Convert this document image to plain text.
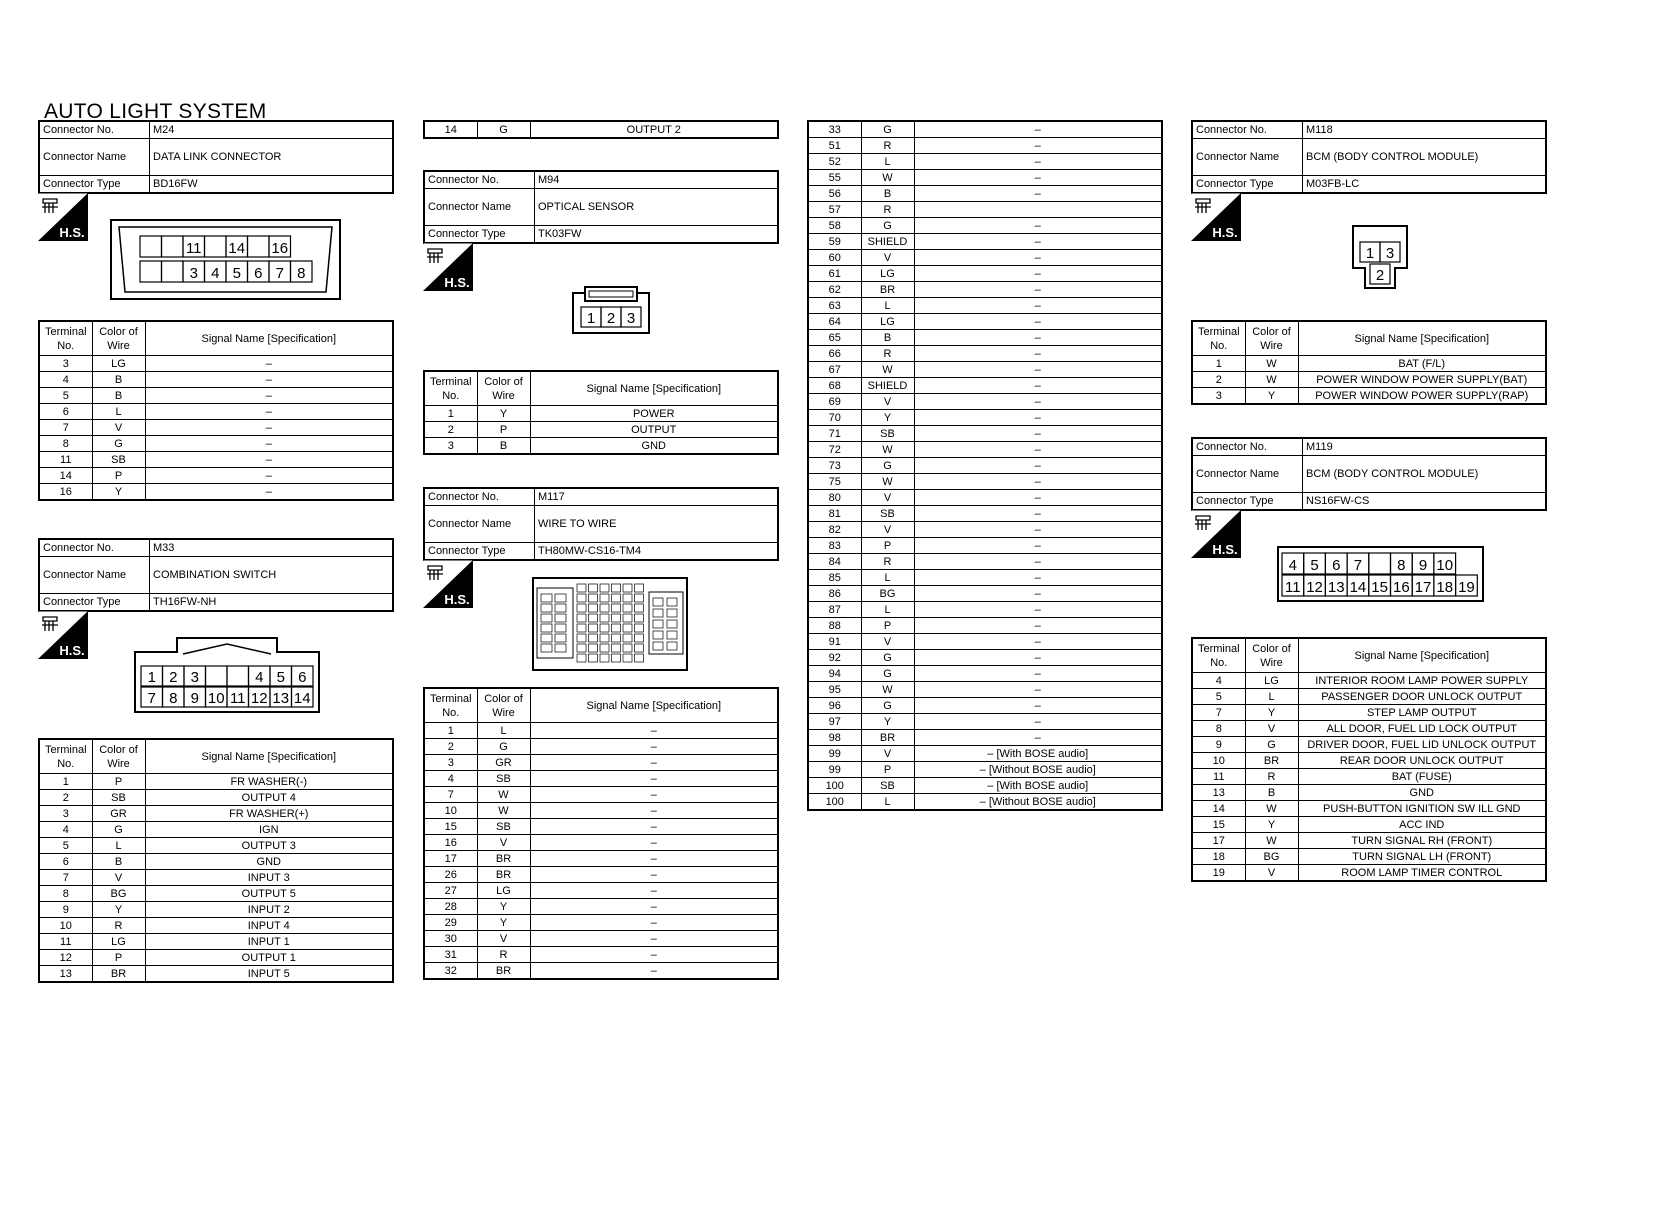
AUTO LIGHT SYSTEM
Connector No.	M24
Connector Name	DATA LINK CONNECTOR
Connector Type	BD16FW
H.S.
11 14 16
3 4 5 6 7 8
Terminal No.	Color of Wire	Signal Name [Specification]
3	LG	–
4	B	–
5	B	–
6	L	–
7	V	–
8	G	–
11	SB	–
14	P	–
16	Y	–
Connector No.	M33
Connector Name	COMBINATION SWITCH
Connector Type	TH16FW-NH
H.S.
1 2 3	4 5 6
7 8 9 10 11 12 13 14
Terminal No.	Color of Wire	Signal Name [Specification]
1	P	FR WASHER(-)
2	SB	OUTPUT 4
3	GR	FR WASHER(+)
4	G	IGN
5	L	OUTPUT 3
6	B	GND
7	V	INPUT 3
8	BG	OUTPUT 5
9	Y	INPUT 2
10	R	INPUT 4
11	LG	INPUT 1
12	P	OUTPUT 1
13	BR	INPUT 5
14	G	OUTPUT 2
Connector No.	M94
Connector Name	OPTICAL SENSOR
Connector Type	TK03FW
H.S.
1 2 3
Terminal No.	Color of Wire	Signal Name [Specification]
1	Y	POWER
2	P	OUTPUT
3	B	GND
Connector No.	M117
Connector Name	WIRE TO WIRE
Connector Type	TH80MW-CS16-TM4
H.S.
Terminal No.	Color of Wire	Signal Name [Specification]
1	L	–
2	G	–
3	GR	–
4	SB	–
7	W	–
10	W	–
15	SB	–
16	V	–
17	BR	–
26	BR	–
27	LG	–
28	Y	–
29	Y	–
30	V	–
31	R	–
32	BR	–
33	G	–
51	R	–
52	L	–
55	W	–
56	B	–
57	R	
58	G	–
59	SHIELD	–
60	V	–
61	LG	–
62	BR	–
63	L	–
64	LG	–
65	B	–
66	R	–
67	W	–
68	SHIELD	–
69	V	–
70	Y	–
71	SB	–
72	W	–
73	G	–
75	W	–
80	V	–
81	SB	–
82	V	–
83	P	–
84	R	–
85	L	–
86	BG	–
87	L	–
88	P	–
91	V	–
92	G	–
94	G	–
95	W	–
96	G	–
97	Y	–
98	BR	–
99	V	– [With BOSE audio]
99	P	– [Without BOSE audio]
100	SB	– [With BOSE audio]
100	L	– [Without BOSE audio]
Connector No.	M118
Connector Name	BCM (BODY CONTROL MODULE)
Connector Type	M03FB-LC
H.S.
1 3
2
Terminal No.	Color of Wire	Signal Name [Specification]
1	W	BAT (F/L)
2	W	POWER WINDOW POWER SUPPLY(BAT)
3	Y	POWER WINDOW POWER SUPPLY(RAP)
Connector No.	M119
Connector Name	BCM (BODY CONTROL MODULE)
Connector Type	NS16FW-CS
H.S.
4 5 6 7 8 9 10
11 12 13 14 15 16 17 18 19
Terminal No.	Color of Wire	Signal Name [Specification]
4	LG	INTERIOR ROOM LAMP POWER SUPPLY
5	L	PASSENGER DOOR UNLOCK OUTPUT
7	Y	STEP LAMP OUTPUT
8	V	ALL DOOR, FUEL LID LOCK OUTPUT
9	G	DRIVER DOOR, FUEL LID UNLOCK OUTPUT
10	BR	REAR DOOR UNLOCK OUTPUT
11	R	BAT (FUSE)
13	B	GND
14	W	PUSH-BUTTON IGNITION SW ILL GND
15	Y	ACC IND
17	W	TURN SIGNAL RH (FRONT)
18	BG	TURN SIGNAL LH (FRONT)
19	V	ROOM LAMP TIMER CONTROL
